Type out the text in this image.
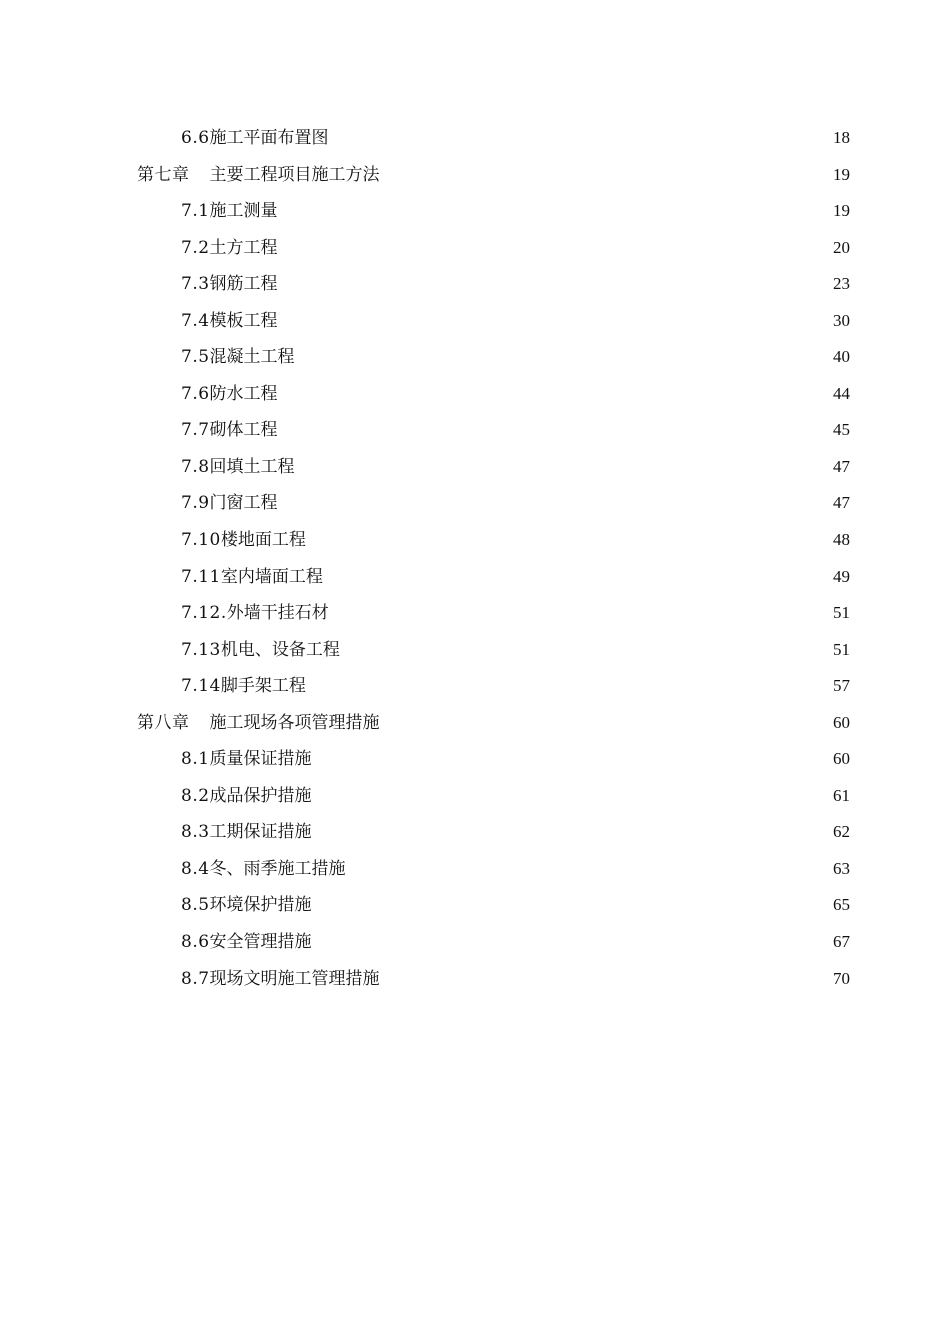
6.6施工平面布置图 .....	18
第七章 主要工程项目施工方法 .....	19
7.1施工测量 .....	19
7.2土方工程 .....	20
7.3钢筋工程 .....	23
7.4模板工程 .....	30
7.5混凝土工程 .....	40
7.6防水工程 .....	44
7.7砌体工程 .....	45
7.8回填土工程 .....	47
7.9门窗工程 .....	47
7.10楼地面工程 .....	48
7.11室内墙面工程 .....	49
7.12.外墙干挂石材 .....	51
7.13机电、设备工程 .....	51
7.14脚手架工程 .....	57
第八章 施工现场各项管理措施 .....	60
8.1质量保证措施 .....	60
8.2成品保护措施 .....	61
8.3工期保证措施 .....	62
8.4冬、雨季施工措施 .....	63
8.5环境保护措施 .....	65
8.6安全管理措施 .....	67
8.7现场文明施工管理措施 .....	70
